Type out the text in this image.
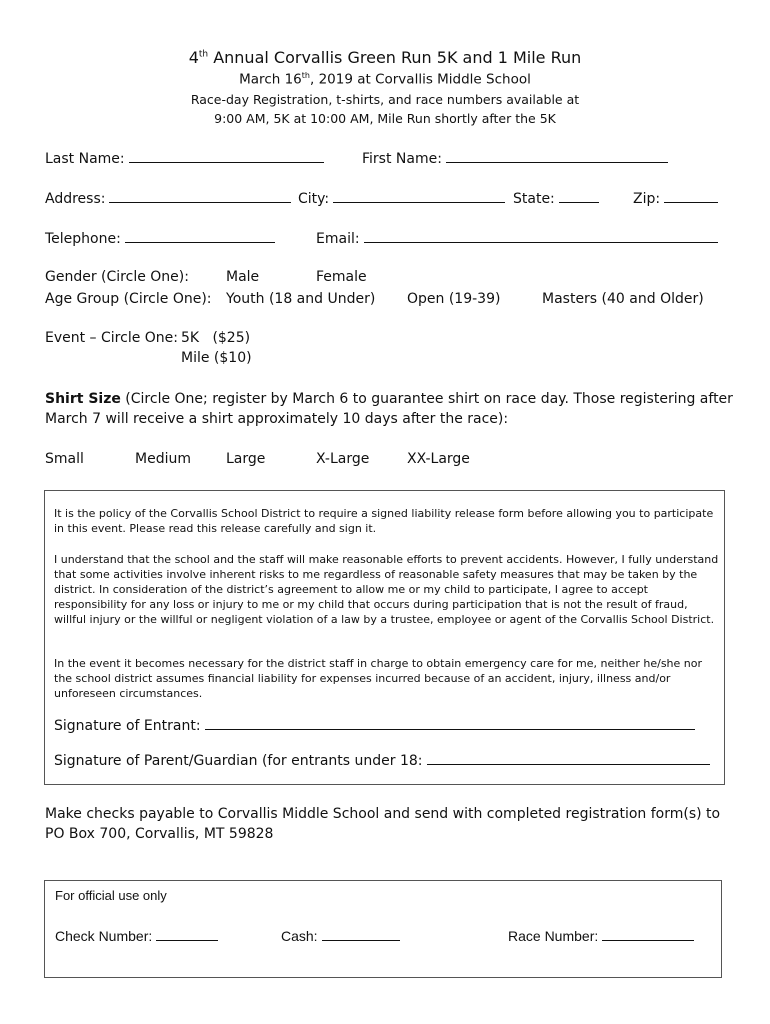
4th Annual Corvallis Green Run 5K and 1 Mile Run
March 16th, 2019 at Corvallis Middle School
Race-day Registration, t-shirts, and race numbers available at
9:00 AM, 5K at 10:00 AM, Mile Run shortly after the 5K
Last Name:	First Name:
Address:	City:	State:	Zip:
Telephone:	Email:
Gender (Circle One):	Male	Female
Age Group (Circle One): Youth (18 and Under) Open (19-39)	Masters (40 and Older)
Event – Circle One: 5K   ($25)
Mile ($10)
Shirt Size (Circle One; register by March 6 to guarantee shirt on race day. Those registering after March 7 will receive a shirt approximately 10 days after the race):
Small	Medium	Large	X-Large	XX-Large
It is the policy of the Corvallis School District to require a signed liability release form before allowing you to participate in this event. Please read this release carefully and sign it.
I understand that the school and the staff will make reasonable efforts to prevent accidents. However, I fully understand that some activities involve inherent risks to me regardless of reasonable safety measures that may be taken by the district. In consideration of the district’s agreement to allow me or my child to participate, I agree to accept responsibility for any loss or injury to me or my child that occurs during participation that is not the result of fraud, willful injury or the willful or negligent violation of a law by a trustee, employee or agent of the Corvallis School District.
In the event it becomes necessary for the district staff in charge to obtain emergency care for me, neither he/she nor the school district assumes financial liability for expenses incurred because of an accident, injury, illness and/or unforeseen circumstances.
Signature of Entrant:
Signature of Parent/Guardian (for entrants under 18:
Make checks payable to Corvallis Middle School and send with completed registration form(s) to PO Box 700, Corvallis, MT 59828
For official use only
Check Number:	Cash:	Race Number:
